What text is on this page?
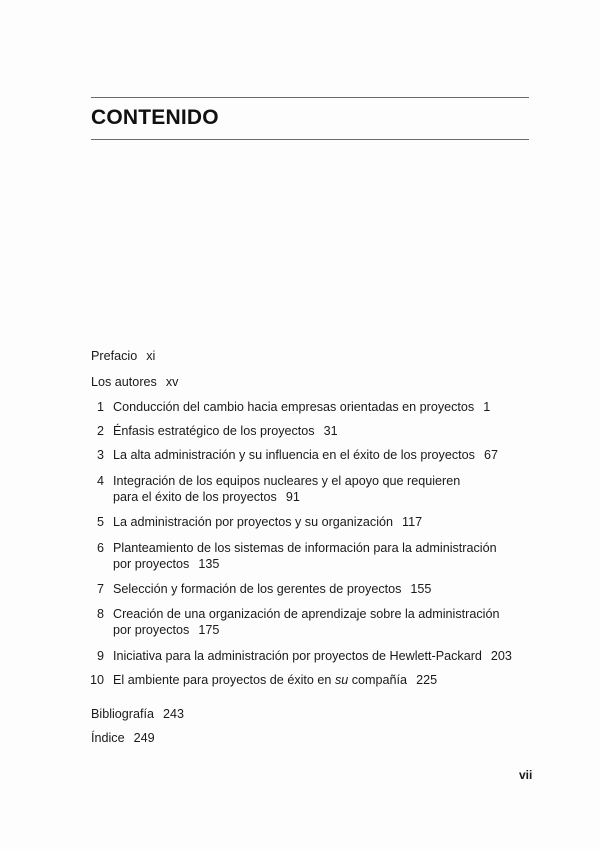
CONTENIDO
Prefacio xi
Los autores xv
1 Conducción del cambio hacia empresas orientadas en proyectos 1
2 Énfasis estratégico de los proyectos 31
3 La alta administración y su influencia en el éxito de los proyectos 67
4 Integración de los equipos nucleares y el apoyo que requieren
para el éxito de los proyectos 91
5 La administración por proyectos y su organización 117
6 Planteamiento de los sistemas de información para la administración
por proyectos 135
7 Selección y formación de los gerentes de proyectos 155
8 Creación de una organización de aprendizaje sobre la administración
por proyectos 175
9 Iniciativa para la administración por proyectos de Hewlett-Packard 203
10 El ambiente para proyectos de éxito en su compañía 225
Bibliografía 243
Índice 249
vii
